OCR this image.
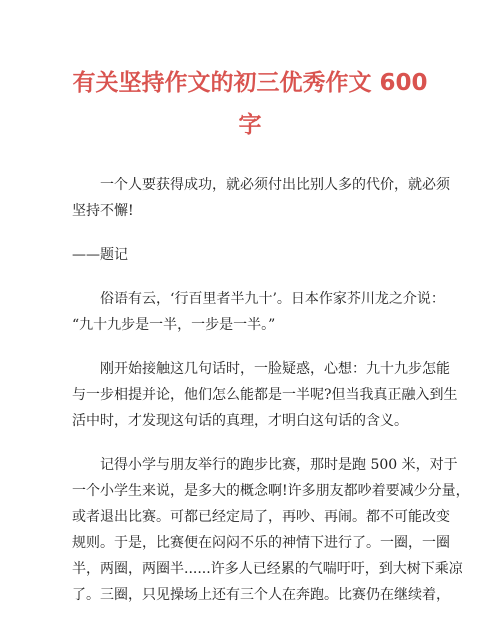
有关坚持作文的初三优秀作文 600
字

一个人要获得成功，就必须付出比别人多的代价，就必须
坚持不懈!

——题记

俗语有云，‘行百里者半九十’。日本作家芥川龙之介说：
“九十九步是一半，一步是一半。”

刚开始接触这几句话时，一脸疑惑，心想：九十九步怎能
与一步相提并论，他们怎么能都是一半呢?但当我真正融入到生
活中时，才发现这句话的真理，才明白这句话的含义。

记得小学与朋友举行的跑步比赛，那时是跑 500 米，对于
一个小学生来说，是多大的概念啊!许多朋友都吵着要减少分量，
或者退出比赛。可都已经定局了，再吵、再闹。都不可能改变
规则。于是，比赛便在闷闷不乐的神情下进行了。一圈，一圈
半，两圈，两圈半......许多人已经累的气喘吁吁，到大树下乘凉
了。三圈，只见操场上还有三个人在奔跑。比赛仍在继续着，
